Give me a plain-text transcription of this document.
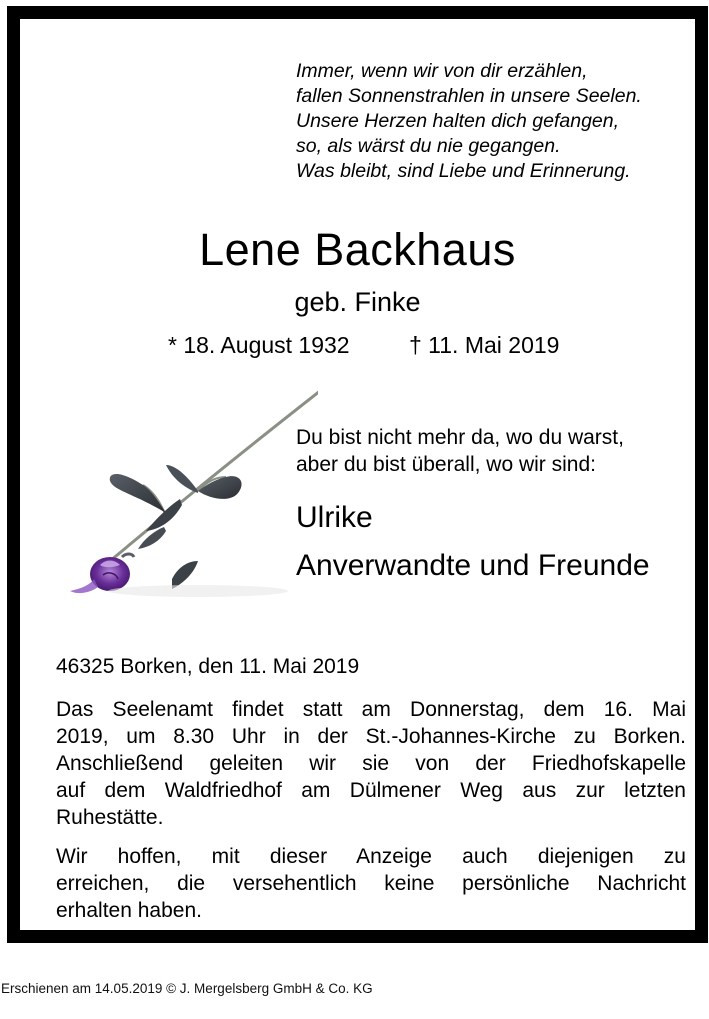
Immer, wenn wir von dir erzählen,
fallen Sonnenstrahlen in unsere Seelen.
Unsere Herzen halten dich gefangen,
so, als wärst du nie gegangen.
Was bleibt, sind Liebe und Erinnerung.
Lene Backhaus
geb. Finke
* 18. August 1932	† 11. Mai 2019
Du bist nicht mehr da, wo du warst,
aber du bist überall, wo wir sind:
Ulrike
Anverwandte und Freunde
46325 Borken, den 11. Mai 2019
Das Seelenamt findet statt am Donnerstag, dem 16. Mai
2019, um 8.30 Uhr in der St.-Johannes-Kirche zu Borken.
Anschließend geleiten wir sie von der Friedhofskapelle
auf dem Waldfriedhof am Dülmener Weg aus zur letzten
Ruhestätte.
Wir hoffen, mit dieser Anzeige auch diejenigen zu
erreichen, die versehentlich keine persönliche Nachricht
erhalten haben.
Erschienen am 14.05.2019 © J. Mergelsberg GmbH & Co. KG
